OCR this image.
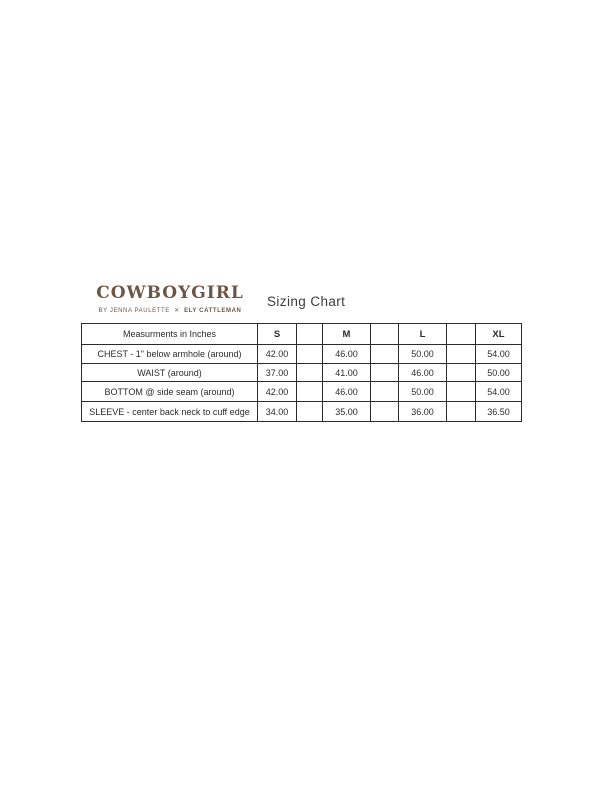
COWBOYGIRL
BY JENNA PAULETTE ✕ ELY CATTLEMAN
Sizing Chart
Measurments in Inches	S		M		L		XL
CHEST - 1" below armhole (around)	42.00		46.00		50.00		54.00
WAIST (around)	37.00		41.00		46.00		50.00
BOTTOM @ side seam (around)	42.00		46.00		50.00		54.00
SLEEVE - center back neck to cuff edge	34.00		35.00		36.00		36.50
